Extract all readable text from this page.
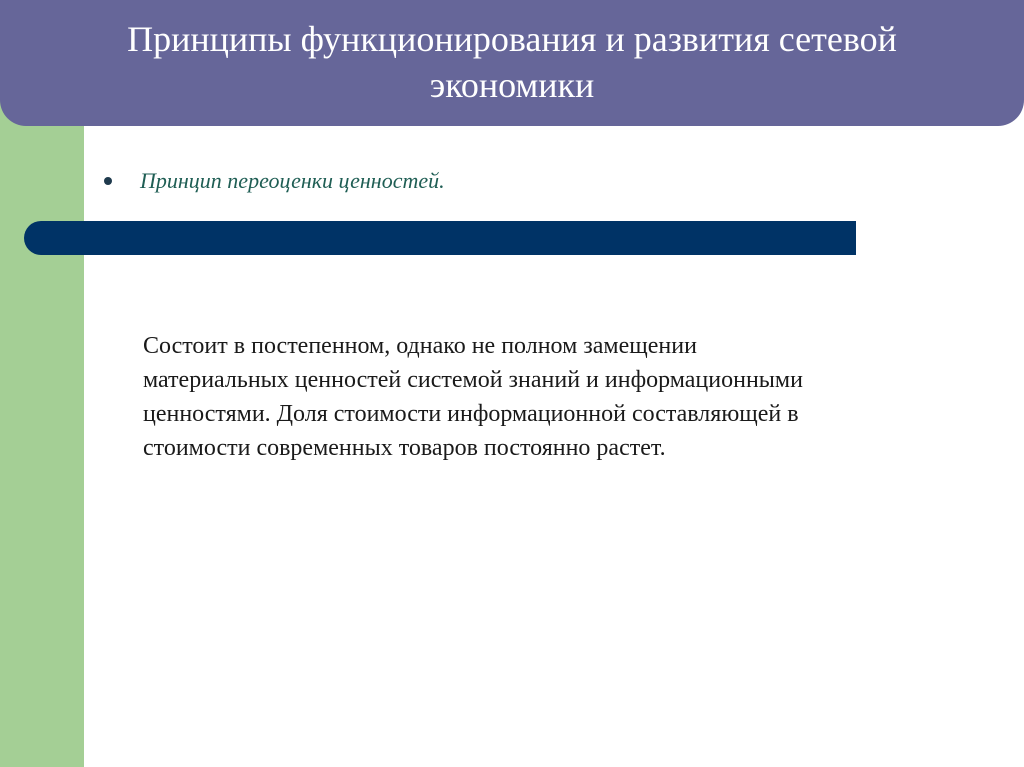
Принципы функционирования и развития сетевой экономики
Принцип переоценки ценностей.

Состоит в постепенном, однако не полном замещении
материальных ценностей системой знаний и информационными
ценностями. Доля стоимости информационной составляющей в
стоимости современных товаров постоянно растет.
